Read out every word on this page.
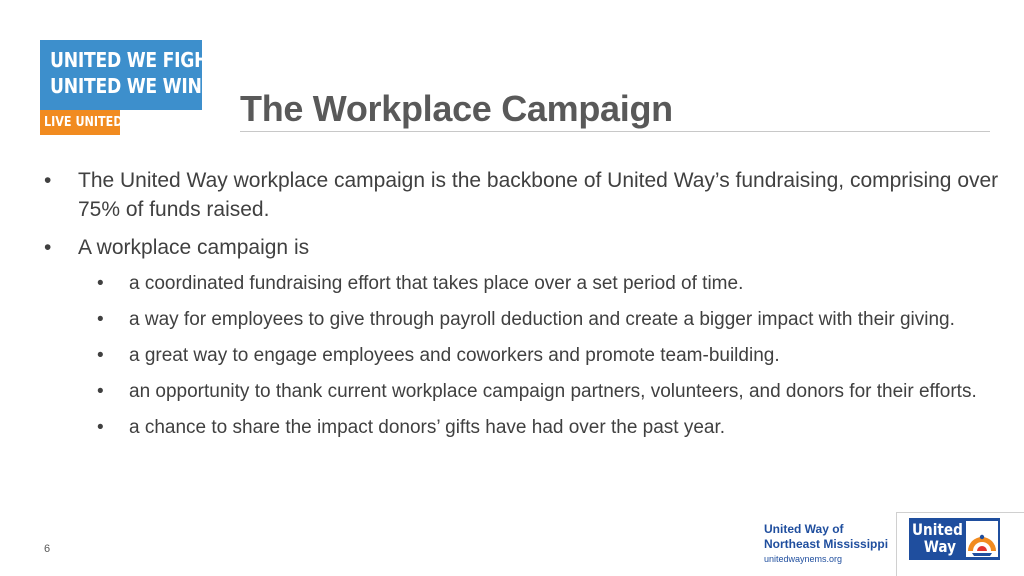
UNITED WE FIGHT.
UNITED WE WIN.
LIVE UNITED	The Workplace Campaign
• The United Way workplace campaign is the backbone of United Way’s fundraising, comprising over 75% of funds raised.
• A workplace campaign is
• a coordinated fundraising effort that takes place over a set period of time.
• a way for employees to give through payroll deduction and create a bigger impact with their giving.
• a great way to engage employees and coworkers and promote team-building.
• an opportunity to thank current workplace campaign partners, volunteers, and donors for their efforts.
• a chance to share the impact donors’ gifts have had over the past year.
6
United Way of
Northeast Mississippi
unitedwaynems.org
United
Way
